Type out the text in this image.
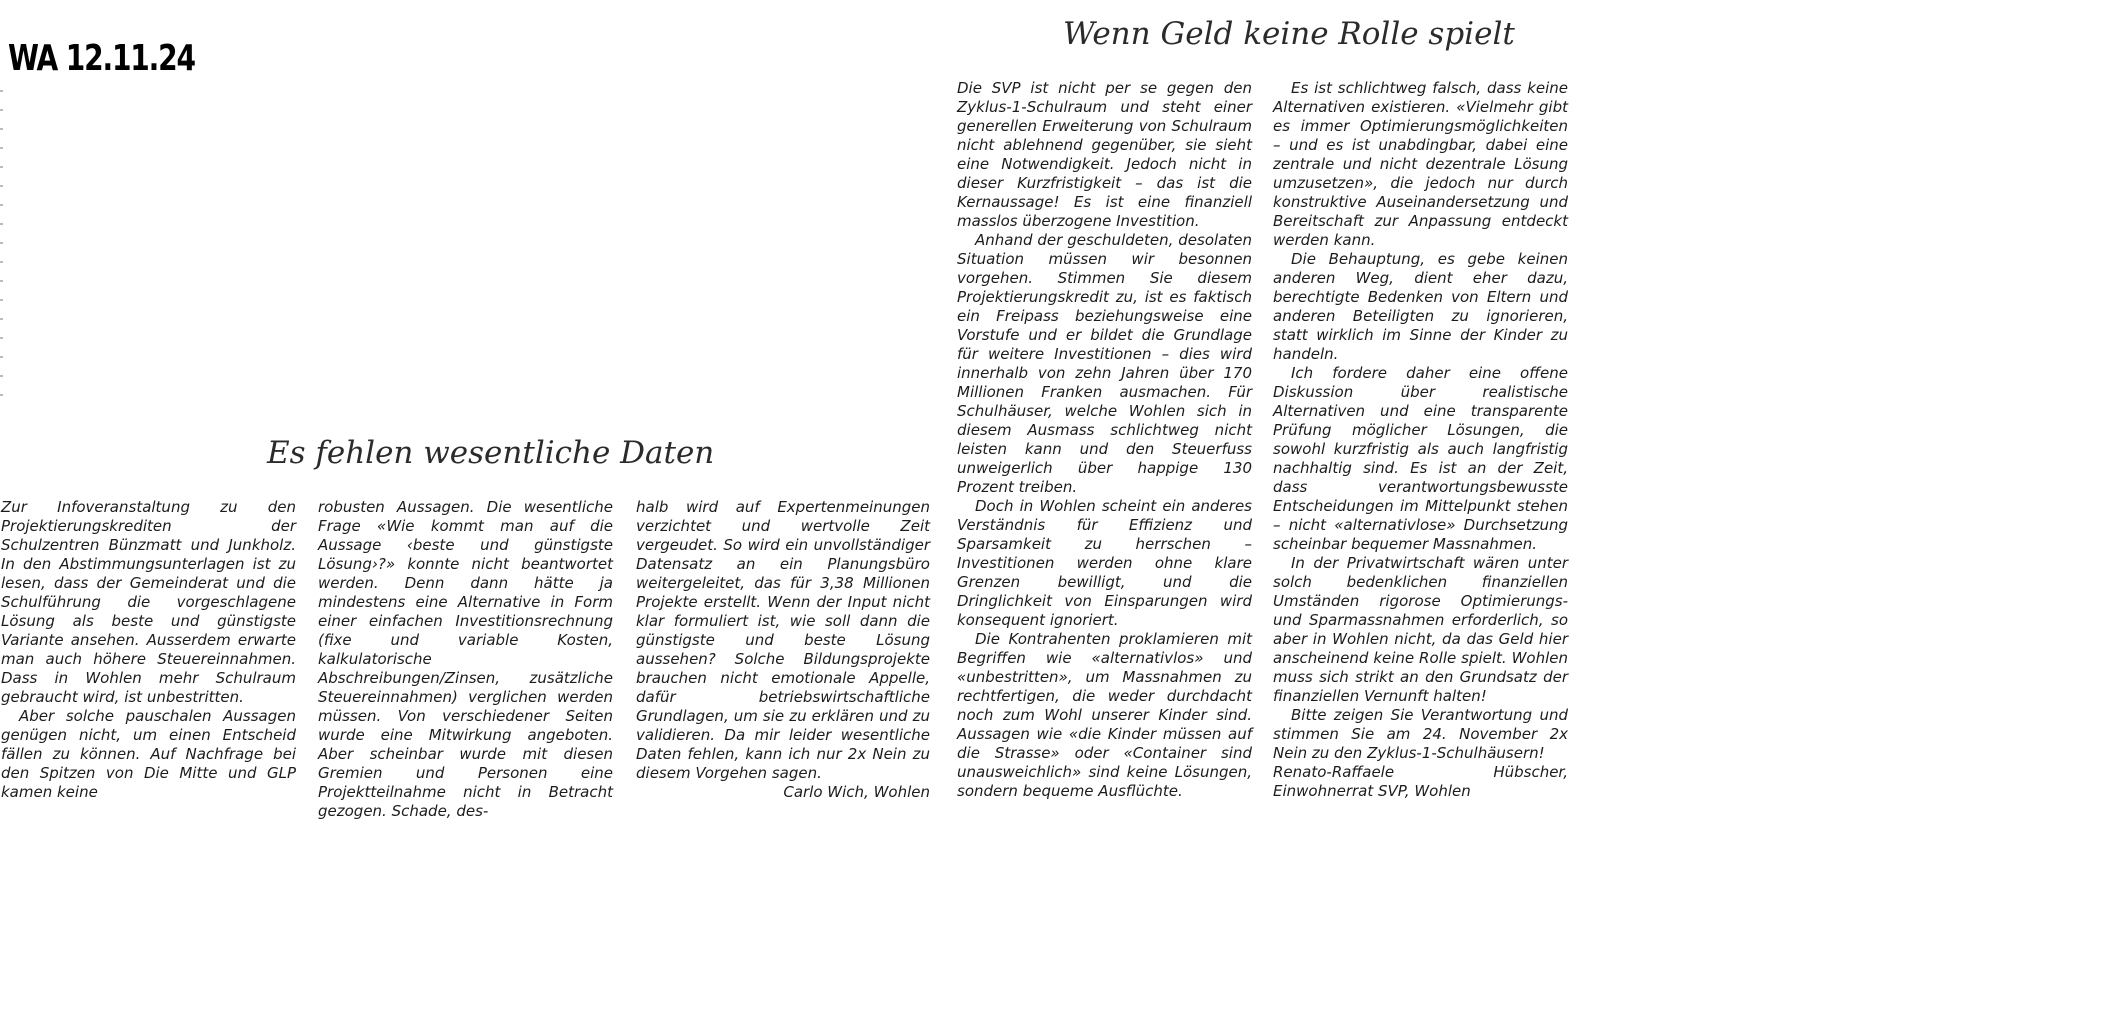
WA 12.11.24
Wenn Geld keine Rolle spielt

Die SVP ist nicht per se gegen den Zyklus-1-Schulraum und steht einer generellen Erweiterung von Schulraum nicht ablehnend gegenüber, sie sieht eine Notwendigkeit. Jedoch nicht in dieser Kurzfristigkeit – das ist die Kernaussage! Es ist eine finanziell masslos überzogene Investition.

Anhand der geschuldeten, desolaten Situation müssen wir besonnen vorgehen. Stimmen Sie diesem Projektierungskredit zu, ist es faktisch ein Freipass beziehungsweise eine Vorstufe und er bildet die Grundlage für weitere Investitionen – dies wird innerhalb von zehn Jahren über 170 Millionen Franken ausmachen. Für Schulhäuser, welche Wohlen sich in diesem Ausmass schlichtweg nicht leisten kann und den Steuerfuss unweigerlich über happige 130 Prozent treiben.

Doch in Wohlen scheint ein anderes Verständnis für Effizienz und Sparsamkeit zu herrschen – Investitionen werden ohne klare Grenzen bewilligt, und die Dringlichkeit von Einsparungen wird konsequent ignoriert.

Die Kontrahenten proklamieren mit Begriffen wie «alternativlos» und «unbestritten», um Massnahmen zu rechtfertigen, die weder durchdacht noch zum Wohl unserer Kinder sind. Aussagen wie «die Kinder müssen auf die Strasse» oder «Container sind unausweichlich» sind keine Lösungen, sondern bequeme Ausflüchte.

Es ist schlichtweg falsch, dass keine Alternativen existieren. «Vielmehr gibt es immer Optimierungsmöglichkeiten – und es ist unabdingbar, dabei eine zentrale und nicht dezentrale Lösung umzusetzen», die jedoch nur durch konstruktive Auseinandersetzung und Bereitschaft zur Anpassung entdeckt werden kann.

Die Behauptung, es gebe keinen anderen Weg, dient eher dazu, berechtigte Bedenken von Eltern und anderen Beteiligten zu ignorieren, statt wirklich im Sinne der Kinder zu handeln.

Ich fordere daher eine offene Diskussion über realistische Alternativen und eine transparente Prüfung möglicher Lösungen, die sowohl kurzfristig als auch langfristig nachhaltig sind. Es ist an der Zeit, dass verantwortungsbewusste Entscheidungen im Mittelpunkt stehen – nicht «alternativlose» Durchsetzung scheinbar bequemer Massnahmen.

In der Privatwirtschaft wären unter solch bedenklichen finanziellen Umständen rigorose Optimierungs- und Sparmassnahmen erforderlich, so aber in Wohlen nicht, da das Geld hier anscheinend keine Rolle spielt. Wohlen muss sich strikt an den Grundsatz der finanziellen Vernunft halten!

Bitte zeigen Sie Verantwortung und stimmen Sie am 24. November 2x Nein zu den Zyklus-1-Schulhäusern!

Renato-Raffaele Hübscher, Einwohnerrat SVP, Wohlen

Es fehlen wesentliche Daten

Zur Infoveranstaltung zu den Projektierungskrediten der Schulzentren Bünzmatt und Junkholz. In den Abstimmungsunterlagen ist zu lesen, dass der Gemeinderat und die Schulführung die vorgeschlagene Lösung als beste und günstigste Variante ansehen. Ausserdem erwarte man auch höhere Steuereinnahmen. Dass in Wohlen mehr Schulraum gebraucht wird, ist unbestritten.

Aber solche pauschalen Aussagen genügen nicht, um einen Entscheid fällen zu können. Auf Nachfrage bei den Spitzen von Die Mitte und GLP kamen keine

robusten Aussagen. Die wesentliche Frage «Wie kommt man auf die Aussage ‹beste und günstigste Lösung›?» konnte nicht beantwortet werden. Denn dann hätte ja mindestens eine Alternative in Form einer einfachen Investitionsrechnung (fixe und variable Kosten, kalkulatorische Abschreibungen/Zinsen, zusätzliche Steuereinnahmen) verglichen werden müssen. Von verschiedener Seiten wurde eine Mitwirkung angeboten. Aber scheinbar wurde mit diesen Gremien und Personen eine Projektteilnahme nicht in Betracht gezogen. Schade, des-

halb wird auf Expertenmeinungen verzichtet und wertvolle Zeit vergeudet. So wird ein unvollständiger Datensatz an ein Planungsbüro weitergeleitet, das für 3,38 Millionen Projekte erstellt. Wenn der Input nicht klar formuliert ist, wie soll dann die günstigste und beste Lösung aussehen? Solche Bildungsprojekte brauchen nicht emotionale Appelle, dafür betriebswirtschaftliche Grundlagen, um sie zu erklären und zu validieren. Da mir leider wesentliche Daten fehlen, kann ich nur 2x Nein zu diesem Vorgehen sagen.
Carlo Wich, Wohlen
